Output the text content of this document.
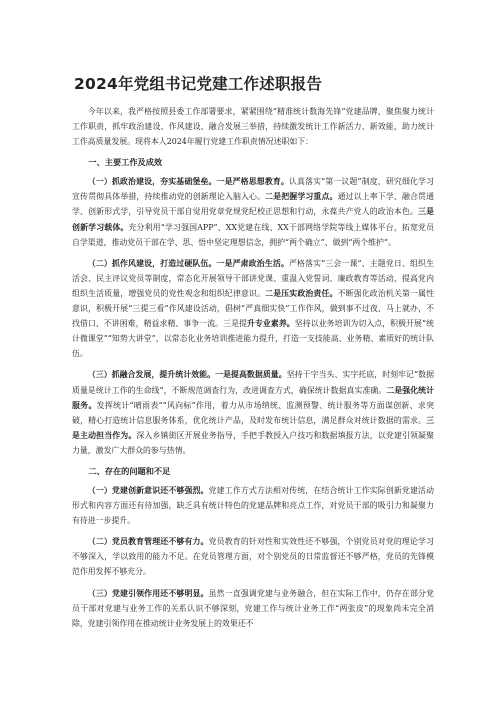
2024年党组书记党建工作述职报告

今年以来，我严格按照县委工作部署要求，紧紧围绕“精准统计数海先锋”党建品牌，聚焦聚力统计工作职责，抓牢政治建设、作风建设、融合发展三举措，持续激发统计工作新活力、新效能，助力统计工作高质量发展。现将本人2024年履行党建工作职责情况述职如下：

一、主要工作及成效

（一）抓政治建设，夯实基础堡垒。一是严格思想教育。认真落实“第一议题”制度，研究细化学习宣传贯彻具体举措，持续推动党的创新理论入脑入心。二是把握学习重点。通过以上率下学、融合贯通学、创新形式学，引导党员干部自觉用党章党规党纪校正思想和行动，永葆共产党人的政治本色。三是创新学习载体。充分利用“学习强国APP”、XX党建在线、XX干部网络学院等线上媒体平台，拓宽党员自学渠道，推动党员干部在学、思、悟中坚定理想信念，拥护“两个确立”、做到“两个维护”。

（二）抓作风建设，打造过硬队伍。一是严肃政治生活。严格落实“三会一课”、主题党日、组织生活会、民主评议党员等制度，常态化开展领导干部讲党课、重温入党誓词、廉政教育等活动，提高党内组织生活质量，增强党员的党性观念和组织纪律意识。二是压实政治责任。不断强化政治机关第一属性意识，积极开展“三提三看”作风建设活动，倡树“严真细实快”工作作风，做到事不过夜、马上就办，不找借口、不讲困难，精益求精、事争一流。三是提升专业素养。坚持以业务培训为切入点，积极开展“统计微课堂”“知势大讲堂”，以常态化业务培训推进能力提升，打造一支技能高、业务精、素质好的统计队伍。

（三）抓融合发展，提升统计效能。一是提高数据质量。坚持干字当头、实字托底，时刻牢记“数据质量是统计工作的生命线”，不断规范调查行为，改进调查方式，确保统计数据真实准确。二是强化统计服务。发挥统计“晴雨表”“风向标”作用，着力从市场纳统、监测预警、统计服务等方面谋创新、求突破，精心打造统计信息服务体系，优化统计产品，及时发布统计信息，满足群众对统计数据的需求。三是主动担当作为。深入乡镇街区开展业务指导，手把手教授入户技巧和数据填报方法，以党建引领凝聚力量，激发广大群众的参与热情。

二、存在的问题和不足

（一）党建创新意识还不够强烈。党建工作方式方法相对传统，在结合统计工作实际创新党建活动形式和内容方面还有待加强，缺乏具有统计特色的党建品牌和亮点工作，对党员干部的吸引力和凝聚力有待进一步提升。

（二）党员教育管理还不够有力。党员教育的针对性和实效性还不够强，个别党员对党的理论学习不够深入，学以致用的能力不足。在党员管理方面，对个别党员的日常监督还不够严格，党员的先锋模范作用发挥不够充分。

（三）党建引领作用还不够明显。虽然一直强调党建与业务融合，但在实际工作中，仍存在部分党员干部对党建与业务工作的关系认识不够深刻，党建工作与统计业务工作“两张皮”的现象尚未完全消除，党建引领作用在推动统计业务发展上的效果还不
